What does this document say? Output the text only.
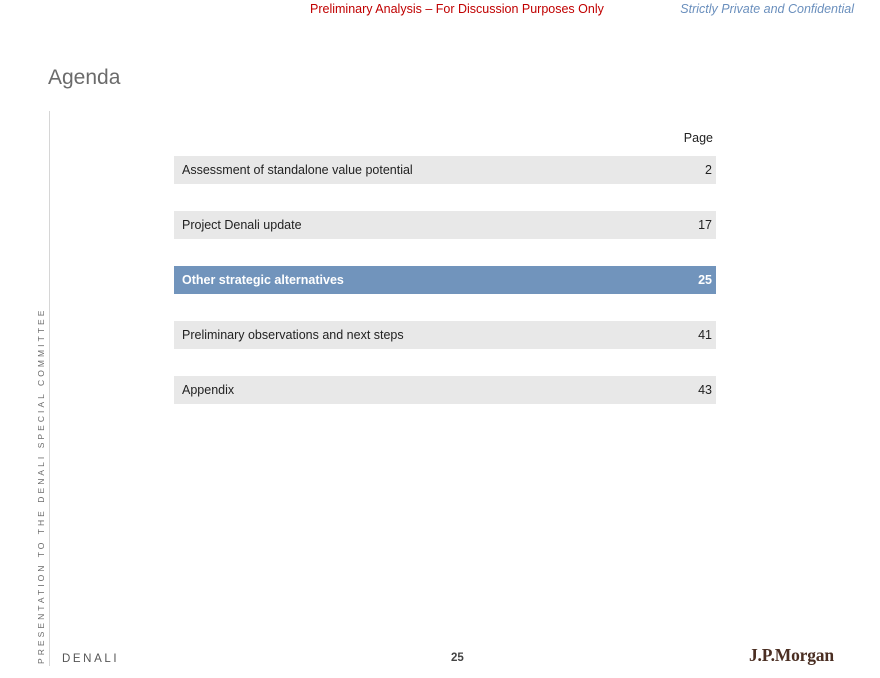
Preliminary Analysis – For Discussion Purposes Only	Strictly Private and Confidential
Agenda
PRESENTATION TO THE DENALI SPECIAL COMMITTEE
Page
Assessment of standalone value potential	2
Project Denali update	17
Other strategic alternatives	25
Preliminary observations and next steps	41
Appendix	43
DENALI	25	J.P.Morgan
